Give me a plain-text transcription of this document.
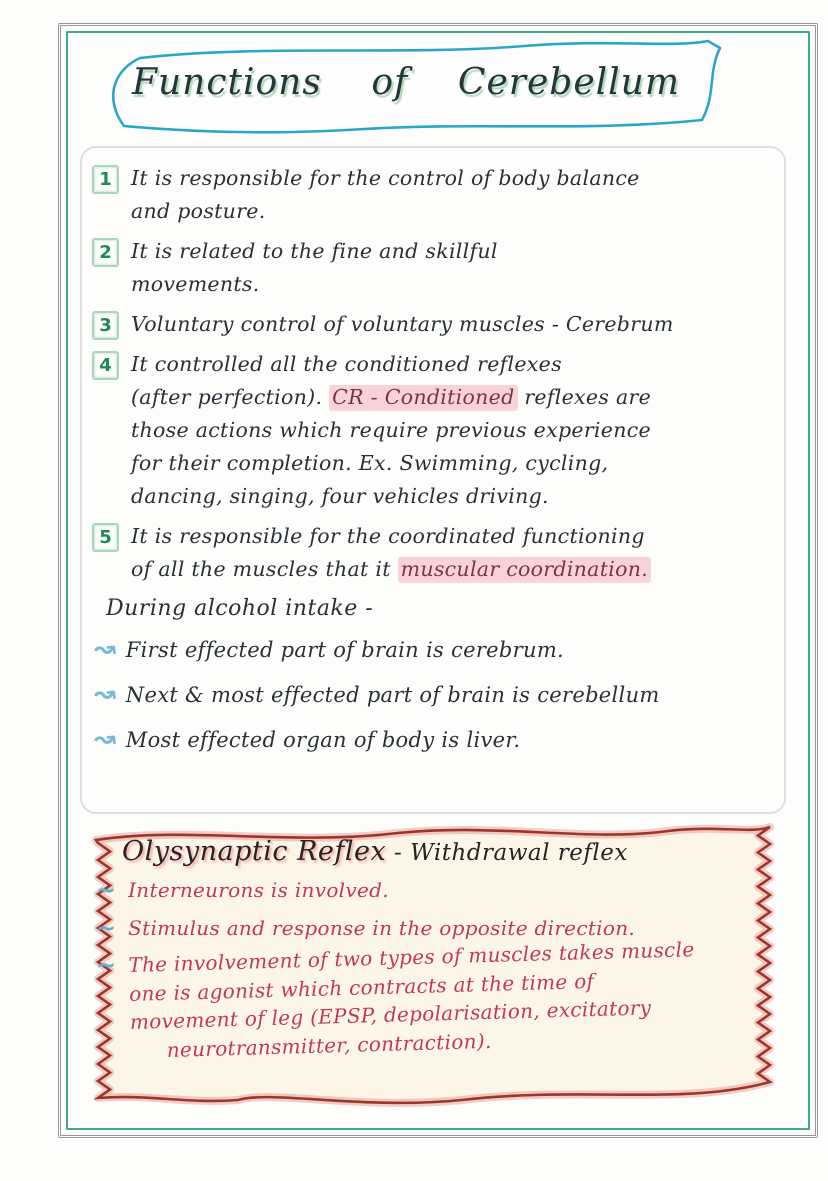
Functions of Cerebellum
1 It is responsible for the control of body balance
and posture.
2 It is related to the fine and skillful
movements.
3 Voluntary control of voluntary muscles - Cerebrum
4 It controlled all the conditioned reflexes
(after perfection). CR - Conditioned reflexes are
those actions which require previous experience
for their completion. Ex. Swimming, cycling,
dancing, singing, four vehicles driving.
5 It is responsible for the coordinated functioning
of all the muscles that it muscular coordination.
During alcohol intake -
↝ First effected part of brain is cerebrum.
↝ Next & most effected part of brain is cerebellum
↝ Most effected organ of body is liver.
Olysynaptic Reflex - Withdrawal reflex
~ Interneurons is involved.
~ Stimulus and response in the opposite direction.
~ The involvement of two types of muscles takes muscle
one is agonist which contracts at the time of
movement of leg (EPSP, depolarisation, excitatory
neurotransmitter, contraction).
